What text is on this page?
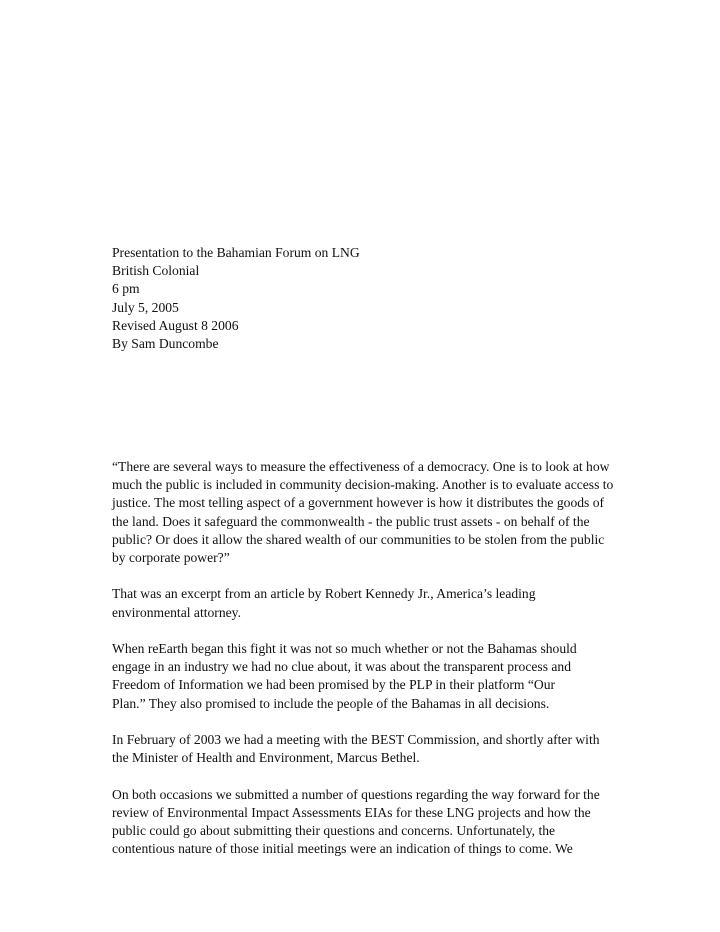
Presentation to the Bahamian Forum on LNG
British Colonial
6 pm
July 5, 2005
Revised August 8 2006
By Sam Duncombe
“There are several ways to measure the effectiveness of a democracy. One is to look at how
much the public is included in community decision-making. Another is to evaluate access to
justice. The most telling aspect of a government however is how it distributes the goods of
the land. Does it safeguard the commonwealth - the public trust assets - on behalf of the
public? Or does it allow the shared wealth of our communities to be stolen from the public
by corporate power?”
That was an excerpt from an article by Robert Kennedy Jr., America’s leading
environmental attorney.
When reEarth began this fight it was not so much whether or not the Bahamas should
engage in an industry we had no clue about, it was about the transparent process and
Freedom of Information we had been promised by the PLP in their platform “Our
Plan.” They also promised to include the people of the Bahamas in all decisions.
In February of 2003 we had a meeting with the BEST Commission, and shortly after with
the Minister of Health and Environment, Marcus Bethel.
On both occasions we submitted a number of questions regarding the way forward for the
review of Environmental Impact Assessments EIAs for these LNG projects and how the
public could go about submitting their questions and concerns. Unfortunately, the
contentious nature of those initial meetings were an indication of things to come. We
